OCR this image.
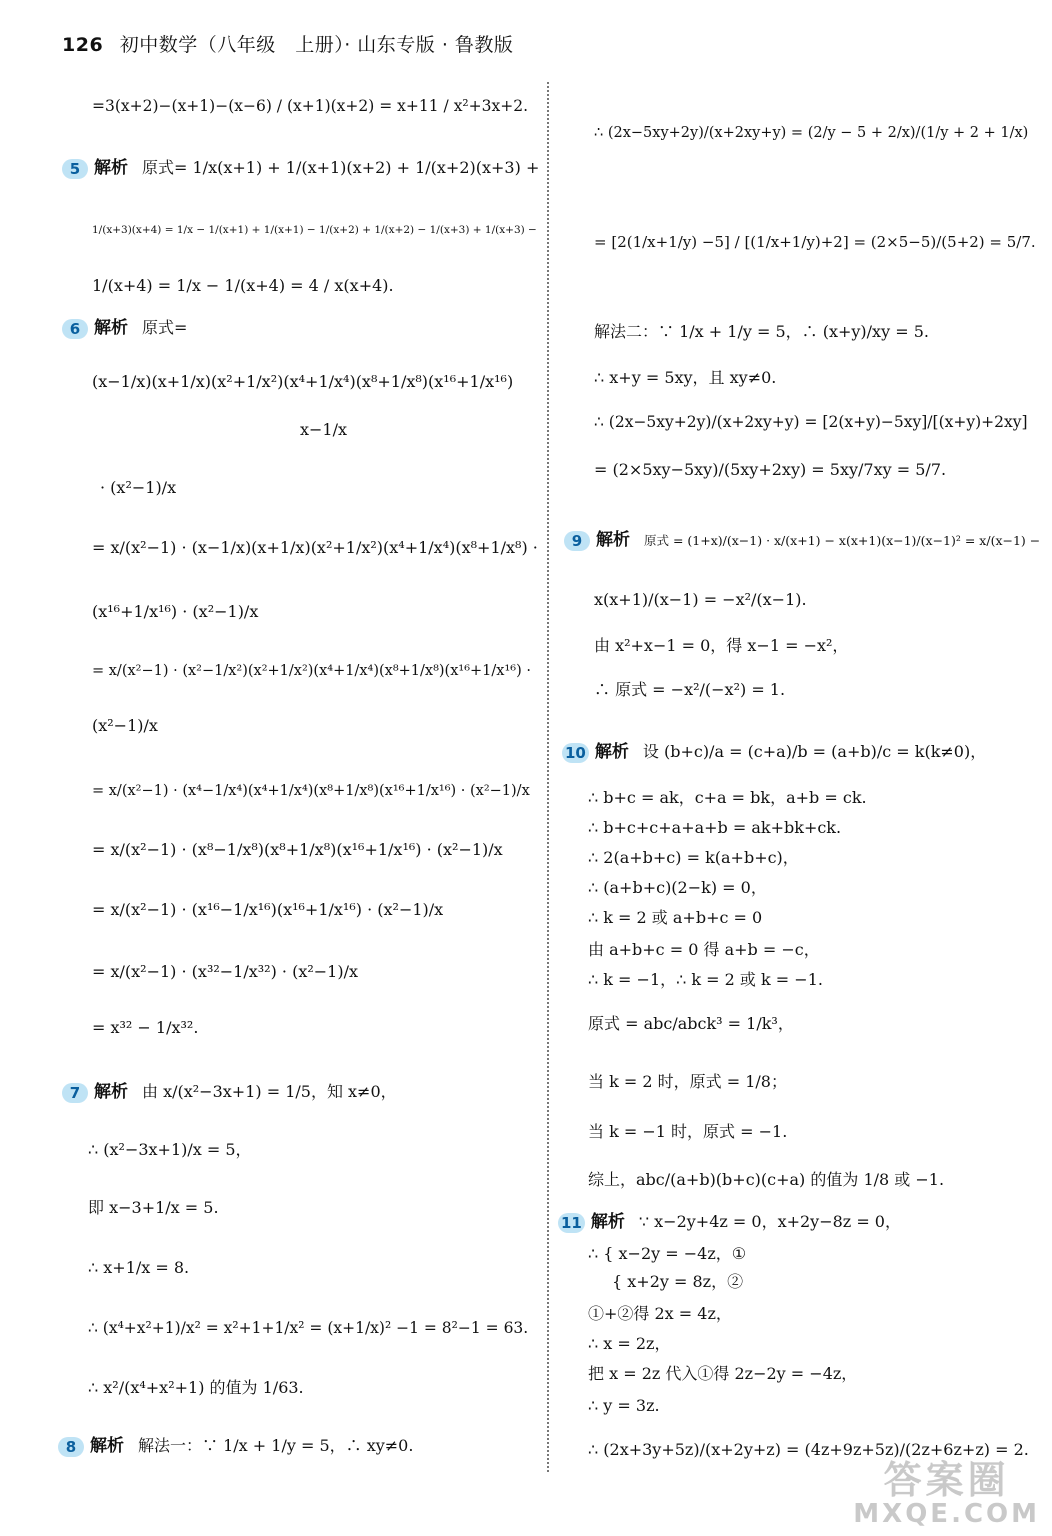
126 初中数学（八年级　上册）· 山东专版 · 鲁教版
=3(x+2)−(x+1)−(x−6) / (x+1)(x+2) = x+11 / x²+3x+2.
5 解析 原式= 1/x(x+1) + 1/(x+1)(x+2) + 1/(x+2)(x+3) +
1/(x+3)(x+4) = 1/x − 1/(x+1) + 1/(x+1) − 1/(x+2) + 1/(x+2) − 1/(x+3) + 1/(x+3) −
1/(x+4) = 1/x − 1/(x+4) = 4 / x(x+4).
6 解析 原式=
(x−1/x)(x+1/x)(x²+1/x²)(x⁴+1/x⁴)(x⁸+1/x⁸)(x¹⁶+1/x¹⁶)
x−1/x
· (x²−1)/x
= x/(x²−1) · (x−1/x)(x+1/x)(x²+1/x²)(x⁴+1/x⁴)(x⁸+1/x⁸) ·
(x¹⁶+1/x¹⁶) · (x²−1)/x
= x/(x²−1) · (x²−1/x²)(x²+1/x²)(x⁴+1/x⁴)(x⁸+1/x⁸)(x¹⁶+1/x¹⁶) ·
(x²−1)/x
= x/(x²−1) · (x⁴−1/x⁴)(x⁴+1/x⁴)(x⁸+1/x⁸)(x¹⁶+1/x¹⁶) · (x²−1)/x
= x/(x²−1) · (x⁸−1/x⁸)(x⁸+1/x⁸)(x¹⁶+1/x¹⁶) · (x²−1)/x
= x/(x²−1) · (x¹⁶−1/x¹⁶)(x¹⁶+1/x¹⁶) · (x²−1)/x
= x/(x²−1) · (x³²−1/x³²) · (x²−1)/x
= x³² − 1/x³².
7 解析 由 x/(x²−3x+1) = 1/5，知 x≠0，
∴ (x²−3x+1)/x = 5，
即 x−3+1/x = 5.
∴ x+1/x = 8.
∴ (x⁴+x²+1)/x² = x²+1+1/x² = (x+1/x)² −1 = 8²−1 = 63.
∴ x²/(x⁴+x²+1) 的值为 1/63.
8 解析 解法一：∵ 1/x + 1/y = 5，∴ xy≠0.
∴ (2x−5xy+2y)/(x+2xy+y) = (2/y − 5 + 2/x)/(1/y + 2 + 1/x)
= [2(1/x+1/y) −5] / [(1/x+1/y)+2] = (2×5−5)/(5+2) = 5/7.
解法二：∵ 1/x + 1/y = 5，∴ (x+y)/xy = 5.
∴ x+y = 5xy，且 xy≠0.
∴ (2x−5xy+2y)/(x+2xy+y) = [2(x+y)−5xy]/[(x+y)+2xy]
= (2×5xy−5xy)/(5xy+2xy) = 5xy/7xy = 5/7.
9 解析 原式 = (1+x)/(x−1) · x/(x+1) − x(x+1)(x−1)/(x−1)² = x/(x−1) −
x(x+1)/(x−1) = −x²/(x−1).
由 x²+x−1 = 0，得 x−1 = −x²，
∴ 原式 = −x²/(−x²) = 1.
10 解析 设 (b+c)/a = (c+a)/b = (a+b)/c = k(k≠0)，
∴ b+c = ak，c+a = bk，a+b = ck.
∴ b+c+c+a+a+b = ak+bk+ck.
∴ 2(a+b+c) = k(a+b+c)，
∴ (a+b+c)(2−k) = 0，
∴ k = 2 或 a+b+c = 0
由 a+b+c = 0 得 a+b = −c，
∴ k = −1，∴ k = 2 或 k = −1.
原式 = abc/abck³ = 1/k³，
当 k = 2 时，原式 = 1/8；
当 k = −1 时，原式 = −1.
综上，abc/(a+b)(b+c)(c+a) 的值为 1/8 或 −1.
11 解析 ∵ x−2y+4z = 0，x+2y−8z = 0，
∴ { x−2y = −4z，①
{ x+2y = 8z，②
①+②得 2x = 4z，
∴ x = 2z，
把 x = 2z 代入①得 2z−2y = −4z，
∴ y = 3z.
∴ (2x+3y+5z)/(x+2y+z) = (4z+9z+5z)/(2z+6z+z) = 2.
答案圈
MXQE.COM
